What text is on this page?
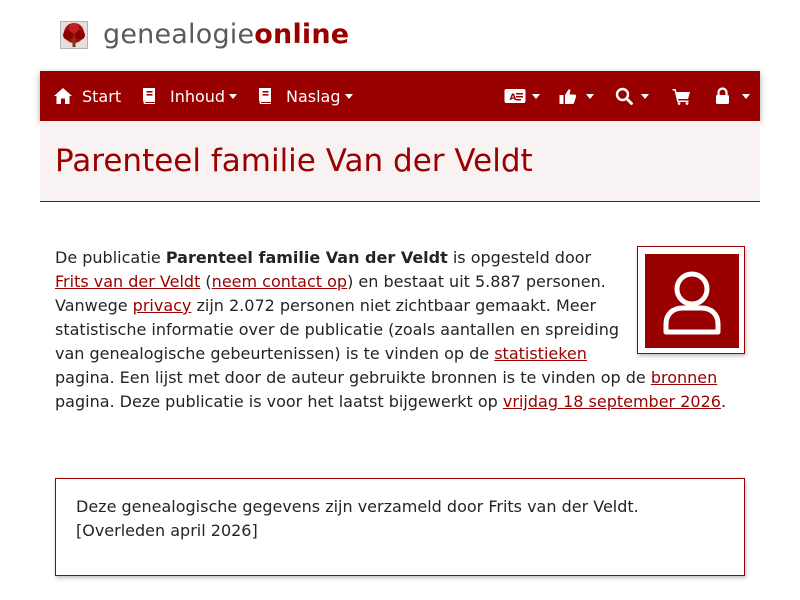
genealogieonline
Start	Inhoud	Naslag	A
Parenteel familie Van der Veldt
De publicatie Parenteel familie Van der Veldt is opgesteld door Frits van der Veldt (neem contact op) en bestaat uit 5.887 personen. Vanwege privacy zijn 2.072 personen niet zichtbaar gemaakt. Meer statistische informatie over de publicatie (zoals aantallen en spreiding van genealogische gebeurtenissen) is te vinden op de statistieken pagina. Een lijst met door de auteur gebruikte bronnen is te vinden op de bronnen pagina. Deze publicatie is voor het laatst bijgewerkt op vrijdag 18 september 2026.
Deze genealogische gegevens zijn verzameld door Frits van der Veldt.
[Overleden april 2026]
